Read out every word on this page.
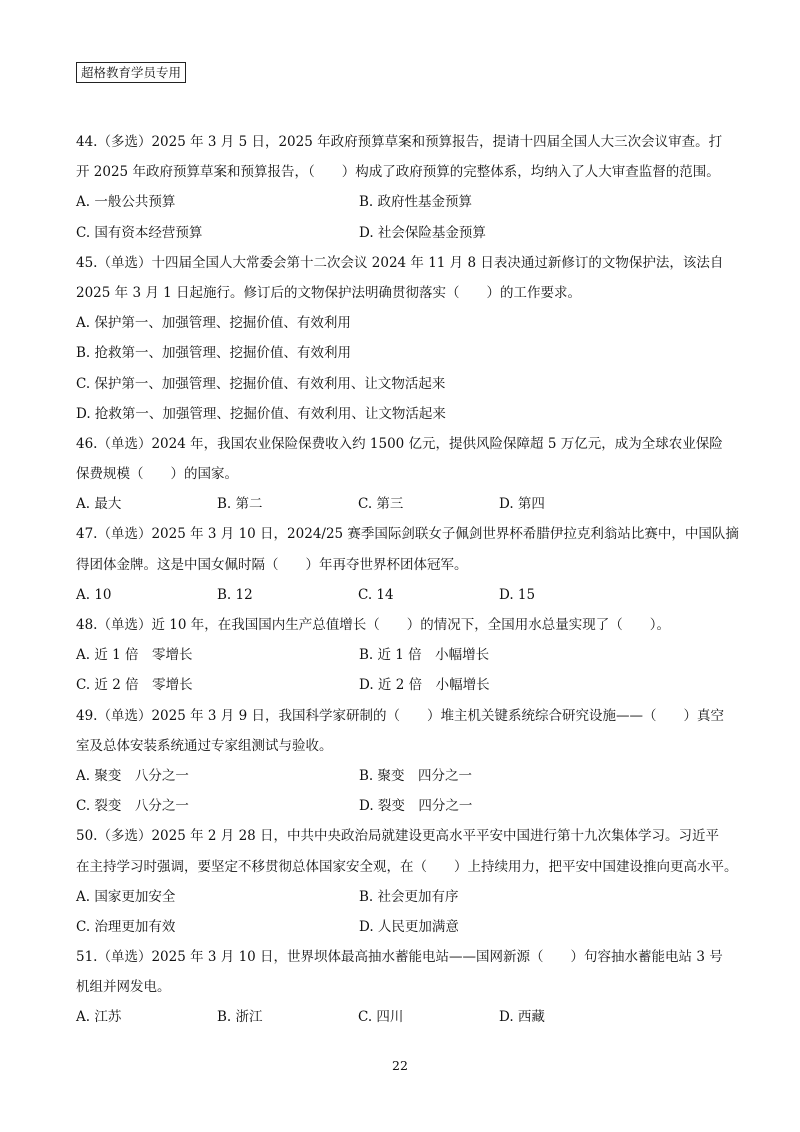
超格教育学员专用
44.（多选）2025 年 3 月 5 日，2025 年政府预算草案和预算报告，提请十四届全国人大三次会议审查。打
开 2025 年政府预算草案和预算报告，（　　）构成了政府预算的完整体系，均纳入了人大审查监督的范围。
A. 一般公共预算	B. 政府性基金预算
C. 国有资本经营预算	D. 社会保险基金预算
45.（单选）十四届全国人大常委会第十二次会议 2024 年 11 月 8 日表决通过新修订的文物保护法，该法自
2025 年 3 月 1 日起施行。修订后的文物保护法明确贯彻落实（　　）的工作要求。
A. 保护第一、加强管理、挖掘价值、有效利用
B. 抢救第一、加强管理、挖掘价值、有效利用
C. 保护第一、加强管理、挖掘价值、有效利用、让文物活起来
D. 抢救第一、加强管理、挖掘价值、有效利用、让文物活起来
46.（单选）2024 年，我国农业保险保费收入约 1500 亿元，提供风险保障超 5 万亿元，成为全球农业保险
保费规模（　　）的国家。
A. 最大	B. 第二	C. 第三	D. 第四
47.（单选）2025 年 3 月 10 日，2024/25 赛季国际剑联女子佩剑世界杯希腊伊拉克利翁站比赛中，中国队摘
得团体金牌。这是中国女佩时隔（　　）年再夺世界杯团体冠军。
A. 10	B. 12	C. 14	D. 15
48.（单选）近 10 年，在我国国内生产总值增长（　　）的情况下，全国用水总量实现了（　　）。
A. 近 1 倍　零增长	B. 近 1 倍　小幅增长
C. 近 2 倍　零增长	D. 近 2 倍　小幅增长
49.（单选）2025 年 3 月 9 日，我国科学家研制的（　　）堆主机关键系统综合研究设施——（　　）真空
室及总体安装系统通过专家组测试与验收。
A. 聚变　八分之一	B. 聚变　四分之一
C. 裂变　八分之一	D. 裂变　四分之一
50.（多选）2025 年 2 月 28 日，中共中央政治局就建设更高水平平安中国进行第十九次集体学习。习近平
在主持学习时强调，要坚定不移贯彻总体国家安全观，在（　　）上持续用力，把平安中国建设推向更高水平。
A. 国家更加安全	B. 社会更加有序
C. 治理更加有效	D. 人民更加满意
51.（单选）2025 年 3 月 10 日，世界坝体最高抽水蓄能电站——国网新源（　　）句容抽水蓄能电站 3 号
机组并网发电。
A. 江苏	B. 浙江	C. 四川	D. 西藏
22
